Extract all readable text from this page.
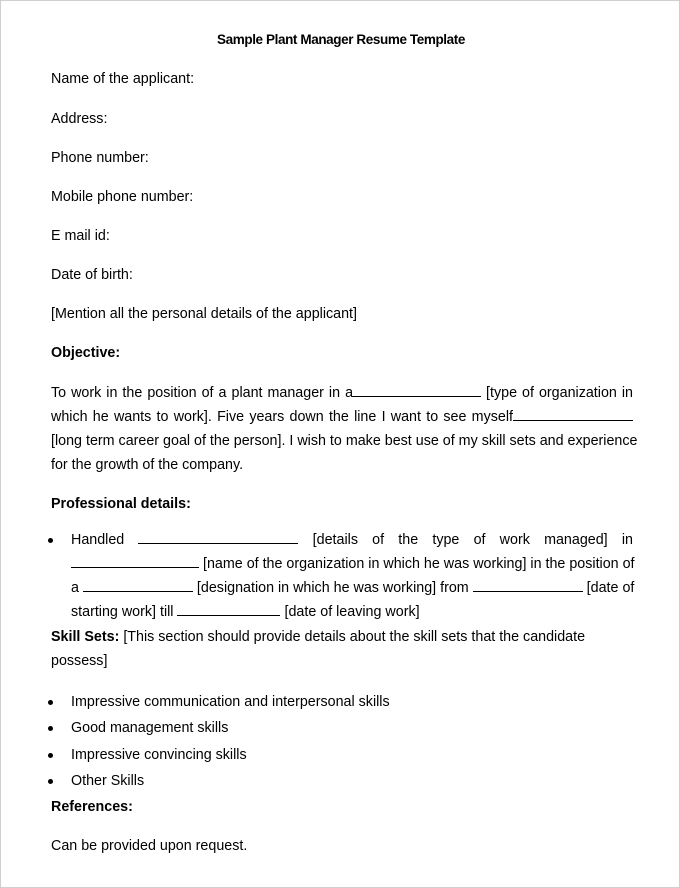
Sample Plant Manager Resume Template
Name of the applicant:
Address:
Phone number:
Mobile phone number:
E mail id:
Date of birth:
[Mention all the personal details of the applicant]
Objective:
To work in the position of a plant manager in a	[type of organization in
which he wants to work]. Five years down the line I want to see myself
[long term career goal of the person]. I wish to make best use of my skill sets and experience
for the growth of the company.
Professional details:
Handled	[details of the type of work managed] in
[name of the organization in which he was working] in the position of
a	[designation in which he was working] from	[date of
starting work] till	[date of leaving work]
Skill Sets: [This section should provide details about the skill sets that the candidate
possess]
Impressive communication and interpersonal skills
Good management skills
Impressive convincing skills
Other Skills
References:
Can be provided upon request.
